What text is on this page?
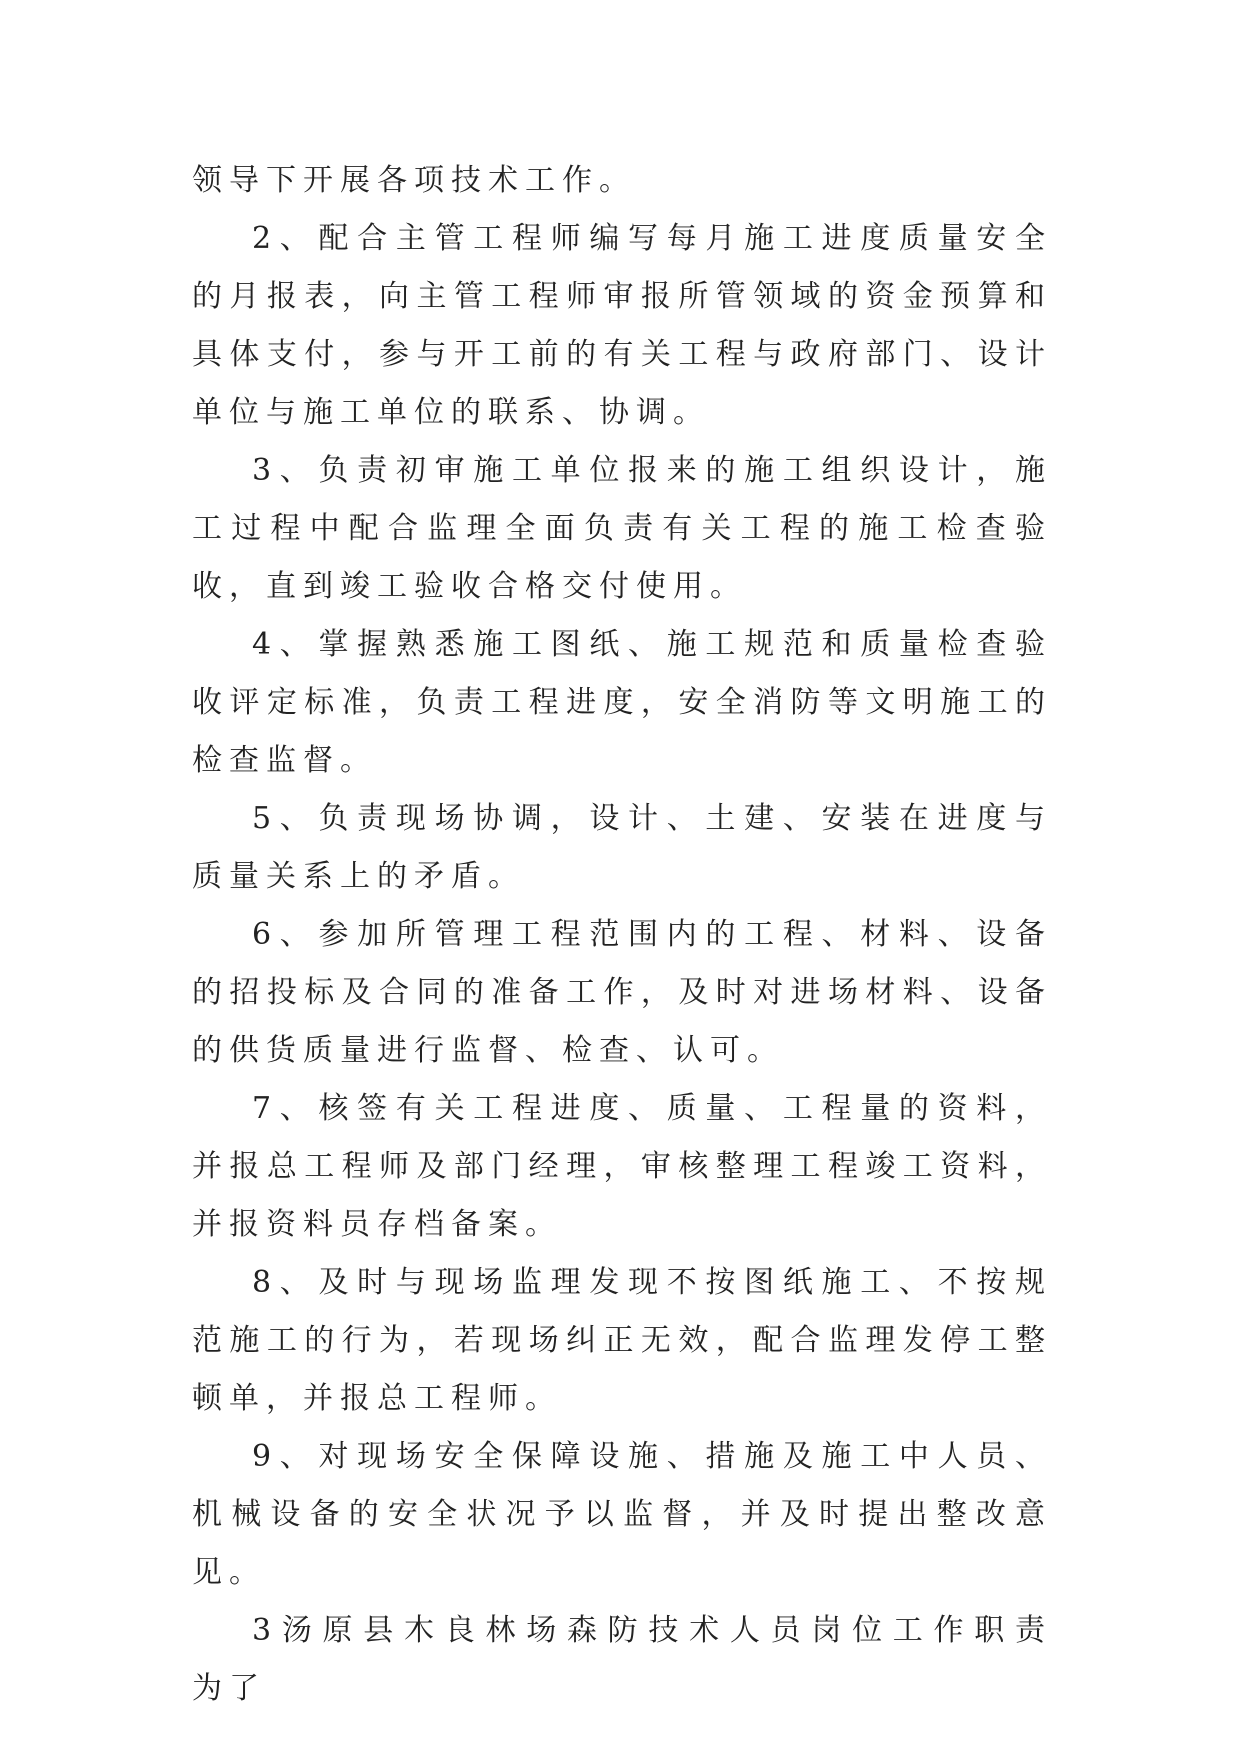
领导下开展各项技术工作。

2、配合主管工程师编写每月施工进度质量安全的月报表，向主管工程师审报所管领域的资金预算和具体支付，参与开工前的有关工程与政府部门、设计单位与施工单位的联系、协调。

3、负责初审施工单位报来的施工组织设计，施工过程中配合监理全面负责有关工程的施工检查验收，直到竣工验收合格交付使用。

4、掌握熟悉施工图纸、施工规范和质量检查验收评定标准，负责工程进度，安全消防等文明施工的检查监督。

5、负责现场协调，设计、土建、安装在进度与质量关系上的矛盾。

6、参加所管理工程范围内的工程、材料、设备的招投标及合同的准备工作，及时对进场材料、设备的供货质量进行监督、检查、认可。

7、核签有关工程进度、质量、工程量的资料，并报总工程师及部门经理，审核整理工程竣工资料，并报资料员存档备案。

8、及时与现场监理发现不按图纸施工、不按规范施工的行为，若现场纠正无效，配合监理发停工整顿单，并报总工程师。

9、对现场安全保障设施、措施及施工中人员、机械设备的安全状况予以监督，并及时提出整改意见。

3汤原县木良林场森防技术人员岗位工作职责    为了
